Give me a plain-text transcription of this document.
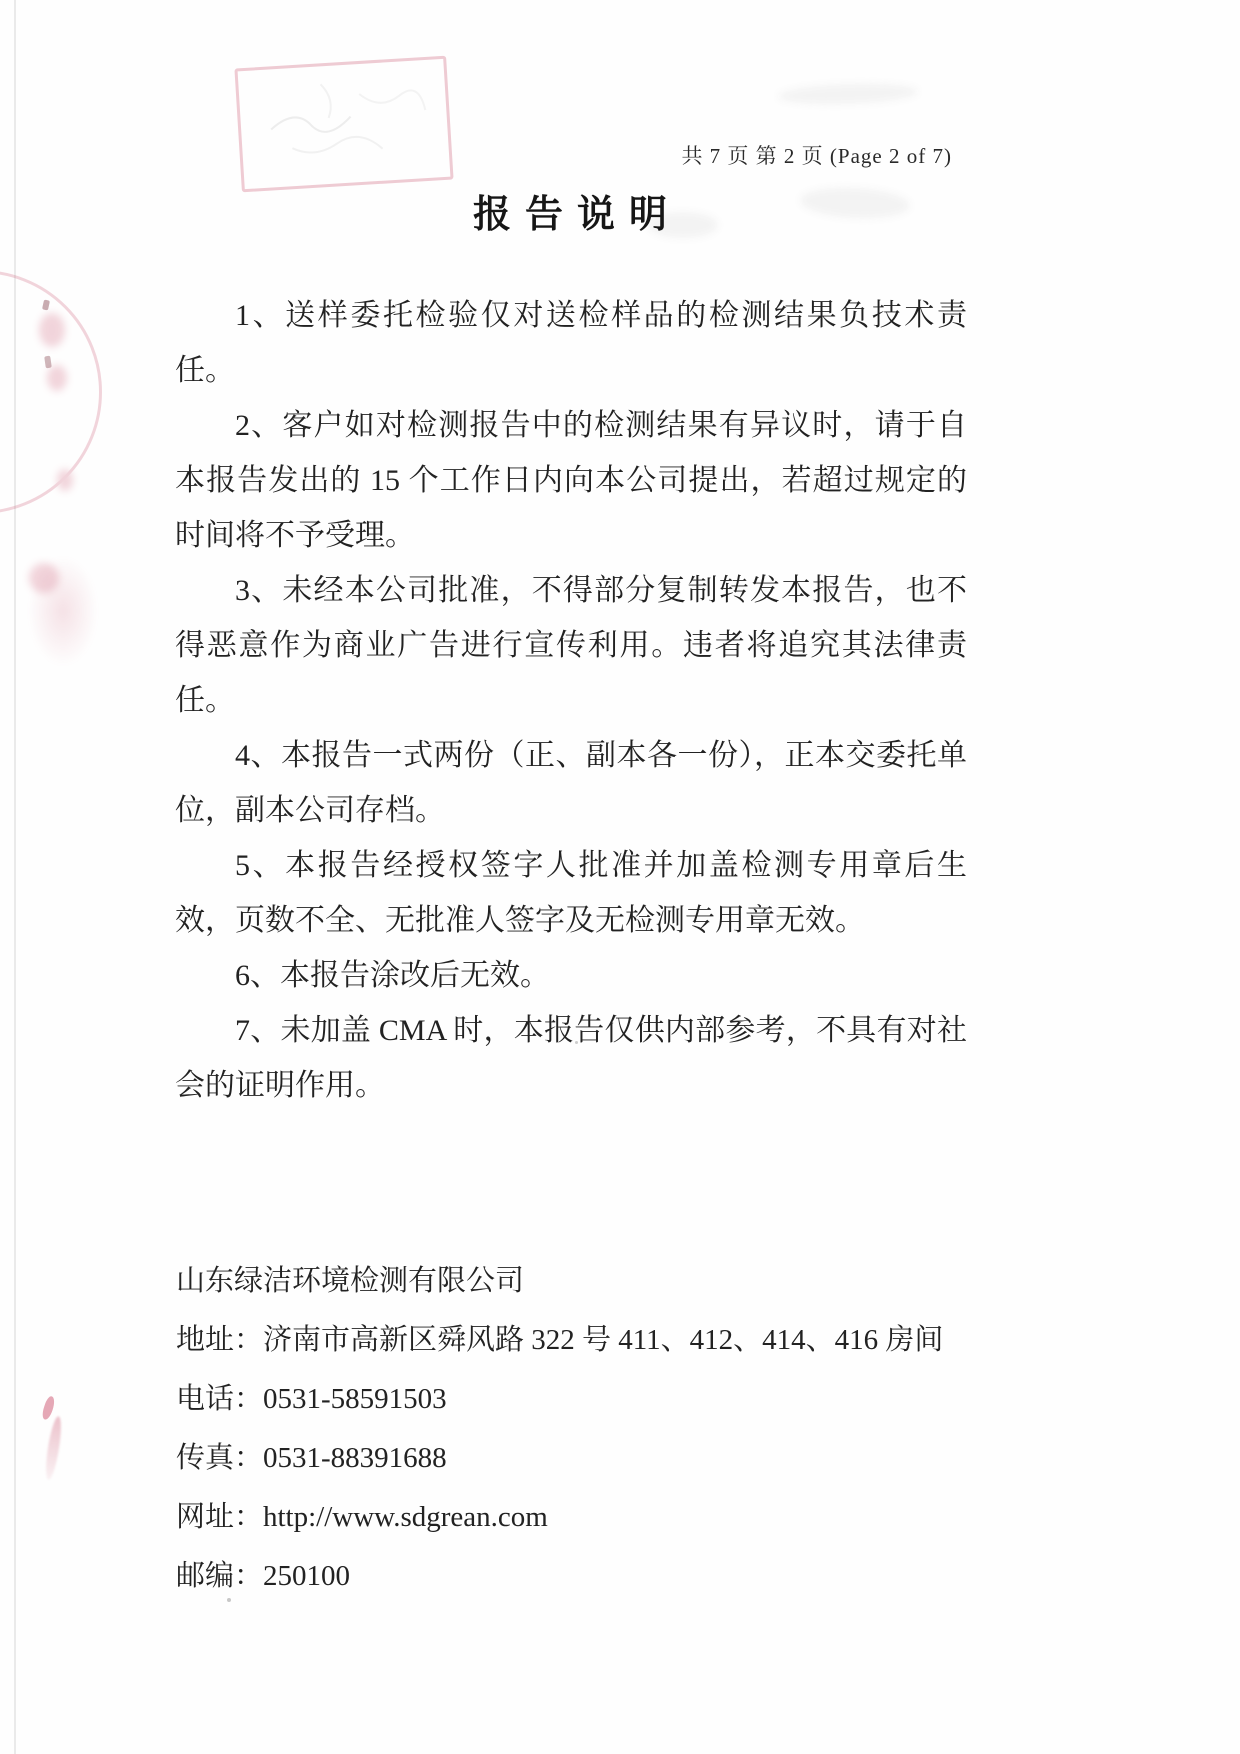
共 7 页 第 2 页 (Page 2 of 7)
报告说明

1、送样委托检验仅对送检样品的检测结果负技术责任。

2、客户如对检测报告中的检测结果有异议时，请于自本报告发出的 15 个工作日内向本公司提出，若超过规定的时间将不予受理。

3、未经本公司批准，不得部分复制转发本报告，也不得恶意作为商业广告进行宣传利用。违者将追究其法律责任。

4、本报告一式两份（正、副本各一份），正本交委托单位，副本公司存档。

5、本报告经授权签字人批准并加盖检测专用章后生效，页数不全、无批准人签字及无检测专用章无效。

6、本报告涂改后无效。

7、未加盖 CMA 时，本报告仅供内部参考，不具有对社会的证明作用。

山东绿洁环境检测有限公司
地址：济南市高新区舜风路 322 号 411、412、414、416 房间
电话：0531-58591503
传真：0531-88391688
网址：http://www.sdgrean.com
邮编：250100
